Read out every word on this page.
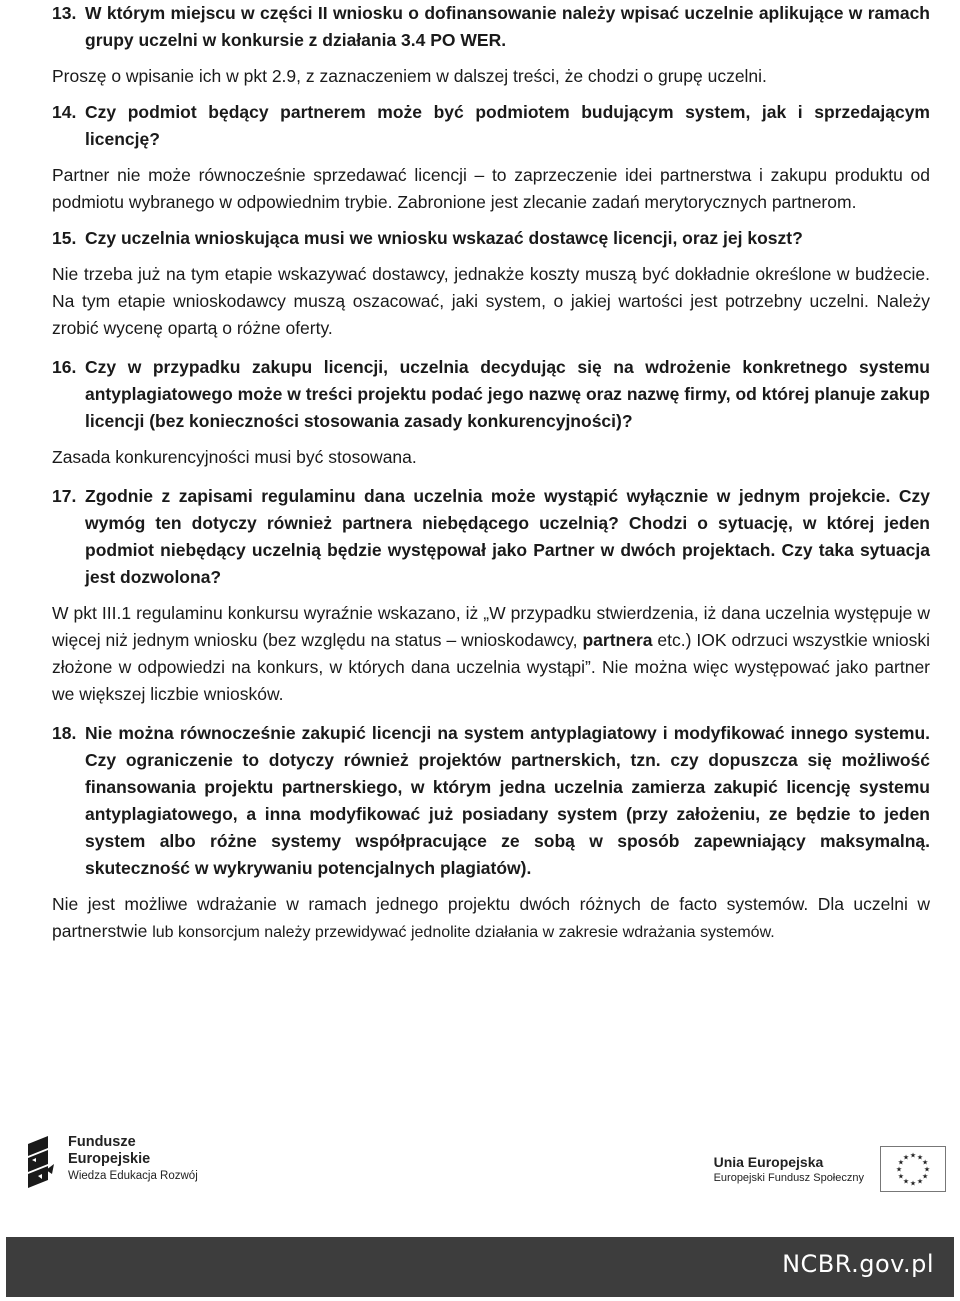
13. W którym miejscu w części II wniosku o dofinansowanie należy wpisać uczelnie aplikujące w ramach grupy uczelni w konkursie z działania 3.4 PO WER.

Proszę o wpisanie ich w pkt 2.9, z zaznaczeniem w dalszej treści, że chodzi o grupę uczelni.

14. Czy podmiot będący partnerem może być podmiotem budującym system, jak i sprzedającym licencję?

Partner nie może równocześnie sprzedawać licencji – to zaprzeczenie idei partnerstwa i zakupu produktu od podmiotu wybranego w odpowiednim trybie. Zabronione jest zlecanie zadań merytorycznych partnerom.

15. Czy uczelnia wnioskująca musi we wniosku wskazać dostawcę licencji, oraz jej koszt?

Nie trzeba już na tym etapie wskazywać dostawcy, jednakże koszty muszą być dokładnie określone w budżecie. Na tym etapie wnioskodawcy muszą oszacować, jaki system, o jakiej wartości jest potrzebny uczelni. Należy zrobić wycenę opartą o różne oferty.

16. Czy w przypadku zakupu licencji, uczelnia decydując się na wdrożenie konkretnego systemu antyplagiatowego może w treści projektu podać jego nazwę oraz nazwę firmy, od której planuje zakup licencji (bez konieczności stosowania zasady konkurencyjności)?

Zasada konkurencyjności musi być stosowana.

17. Zgodnie z zapisami regulaminu dana uczelnia może wystąpić wyłącznie w jednym projekcie. Czy wymóg ten dotyczy również partnera niebędącego uczelnią? Chodzi o sytuację, w której jeden podmiot niebędący uczelnią będzie występował jako Partner w dwóch projektach. Czy taka sytuacja jest dozwolona?

W pkt III.1 regulaminu konkursu wyraźnie wskazano, iż „W przypadku stwierdzenia, iż dana uczelnia występuje w więcej niż jednym wniosku (bez względu na status – wnioskodawcy, partnera etc.) IOK odrzuci wszystkie wnioski złożone w odpowiedzi na konkurs, w których dana uczelnia wystąpi”. Nie można więc występować jako partner we większej liczbie wniosków.

18. Nie można równocześnie zakupić licencji na system antyplagiatowy i modyfikować innego systemu. Czy ograniczenie to dotyczy również projektów partnerskich, tzn. czy dopuszcza się możliwość finansowania projektu partnerskiego, w którym jedna uczelnia zamierza zakupić licencję systemu antyplagiatowego, a inna modyfikować już posiadany system (przy założeniu, ze będzie to jeden system albo różne systemy współpracujące ze sobą w sposób zapewniający maksymalną. skuteczność w wykrywaniu potencjalnych plagiatów).

Nie jest możliwe wdrażanie w ramach jednego projektu dwóch różnych de facto systemów. Dla uczelni w partnerstwie lub konsorcjum należy przewidywać jednolite działania w zakresie wdrażania systemów.

Fundusze
Europejskie
Wiedza Edukacja Rozwój
Unia Europejska
Europejski Fundusz Społeczny
★
★
★
★
★
★
★
★
★ ★ ★
★
NCBR.gov.pl
